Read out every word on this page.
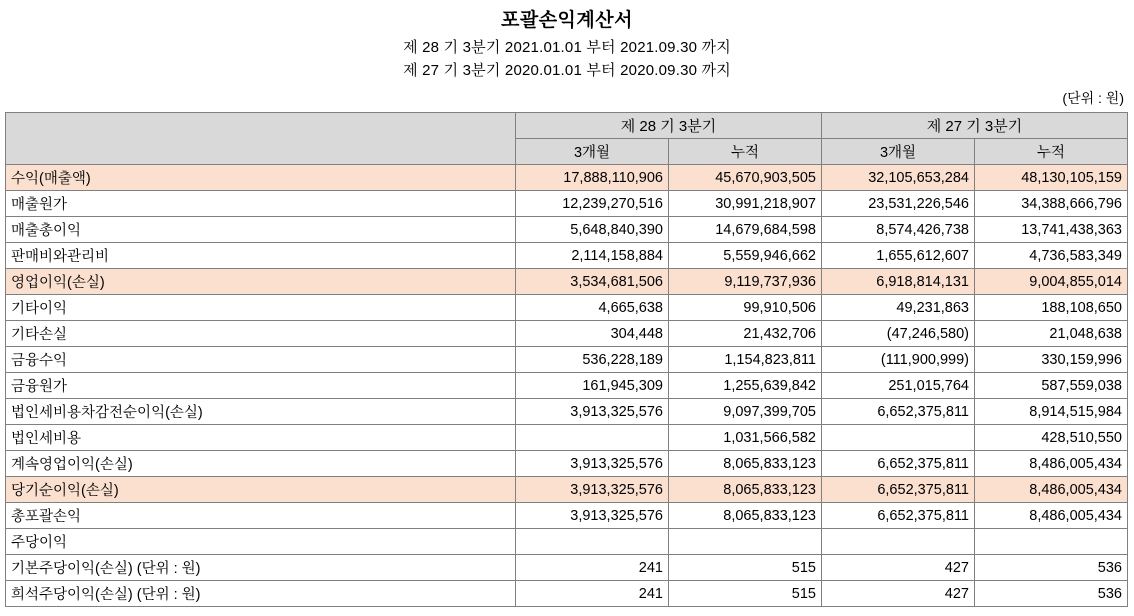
포괄손익계산서
제 28 기 3분기 2021.01.01 부터 2021.09.30 까지
제 27 기 3분기 2020.01.01 부터 2020.09.30 까지
(단위 : 원)
	제 28 기 3분기		제 27 기 3분기	
	3개월	누적	3개월	누적
수익(매출액)	17,888,110,906	45,670,903,505	32,105,653,284	48,130,105,159
매출원가	12,239,270,516	30,991,218,907	23,531,226,546	34,388,666,796
매출총이익	5,648,840,390	14,679,684,598	8,574,426,738	13,741,438,363
판매비와관리비	2,114,158,884	5,559,946,662	1,655,612,607	4,736,583,349
영업이익(손실)	3,534,681,506	9,119,737,936	6,918,814,131	9,004,855,014
기타이익	4,665,638	99,910,506	49,231,863	188,108,650
기타손실	304,448	21,432,706	(47,246,580)	21,048,638
금융수익	536,228,189	1,154,823,811	(111,900,999)	330,159,996
금융원가	161,945,309	1,255,639,842	251,015,764	587,559,038
법인세비용차감전순이익(손실)	3,913,325,576	9,097,399,705	6,652,375,811	8,914,515,984
법인세비용		1,031,566,582		428,510,550
계속영업이익(손실)	3,913,325,576	8,065,833,123	6,652,375,811	8,486,005,434
당기순이익(손실)	3,913,325,576	8,065,833,123	6,652,375,811	8,486,005,434
총포괄손익	3,913,325,576	8,065,833,123	6,652,375,811	8,486,005,434
주당이익				
기본주당이익(손실) (단위 : 원)	241	515	427	536
희석주당이익(손실) (단위 : 원)	241	515	427	536
